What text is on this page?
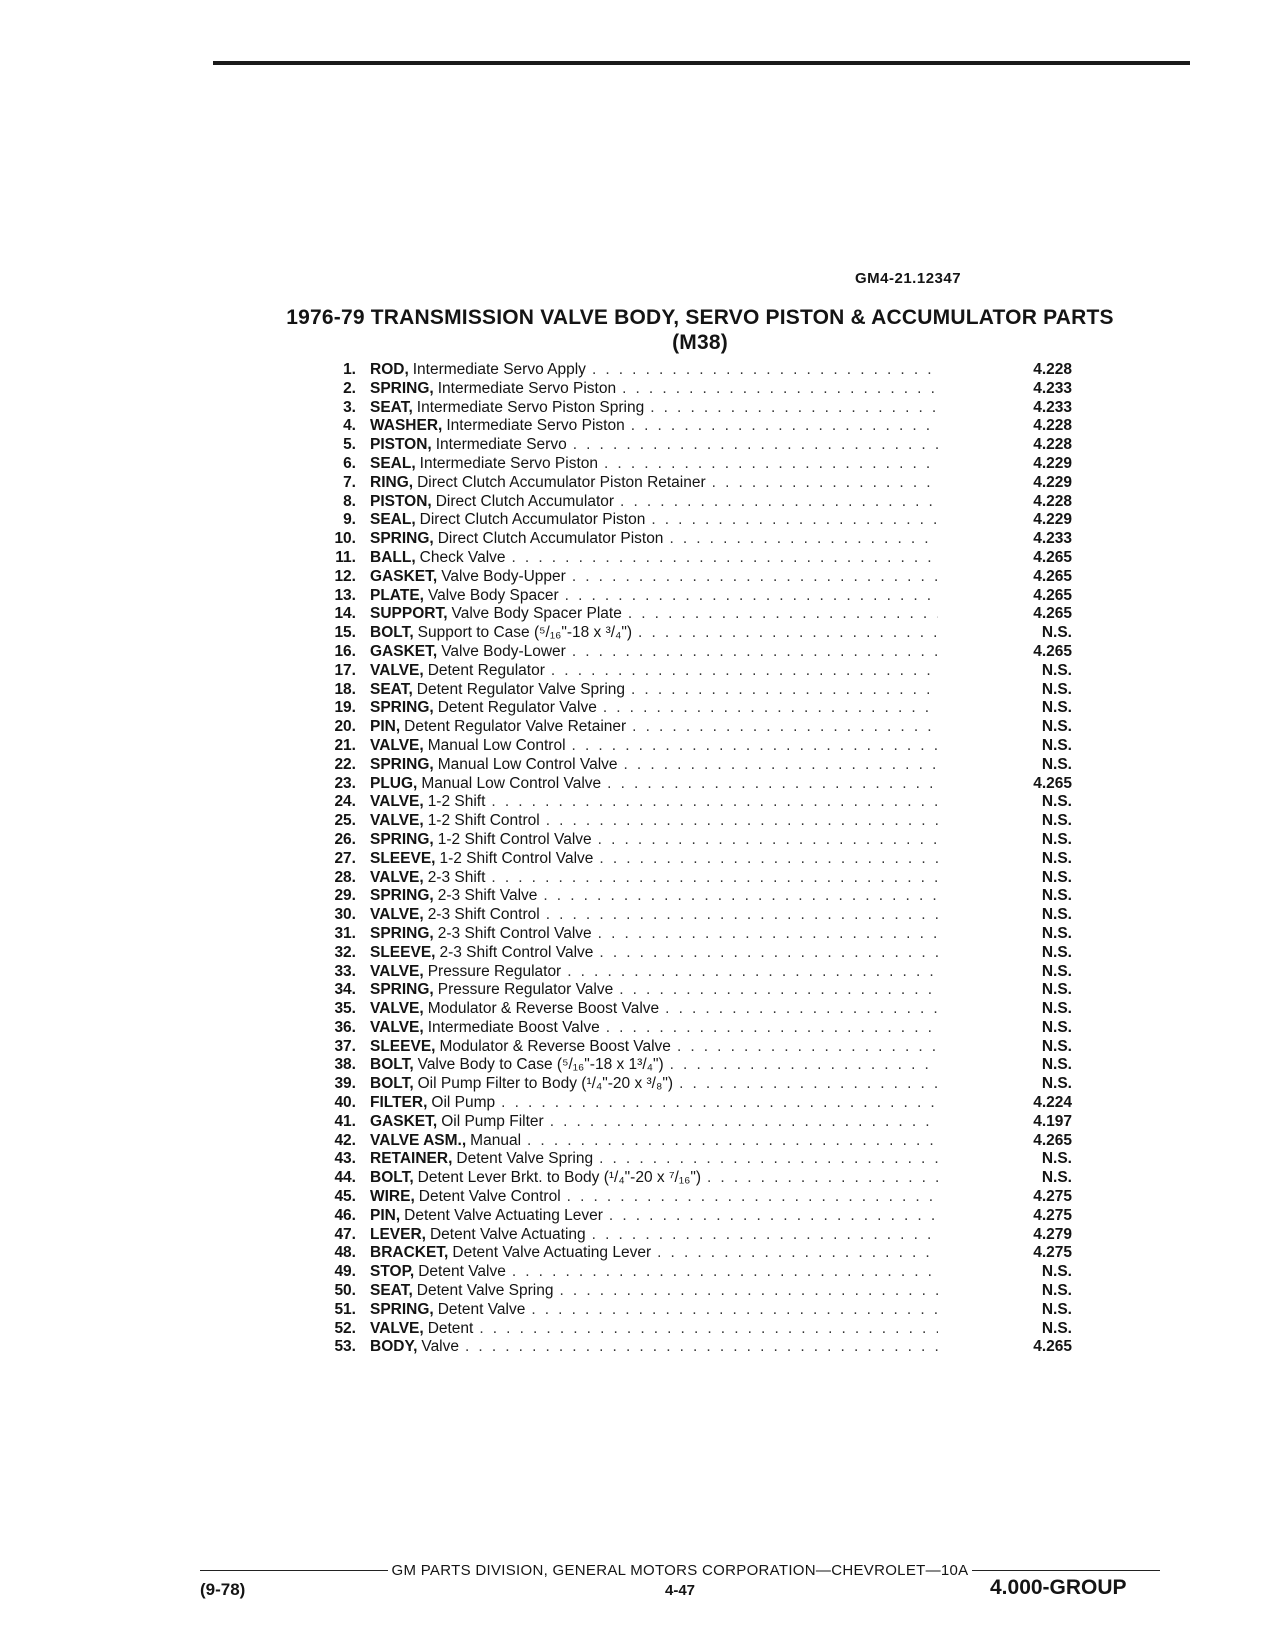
GM4-21.12347
1976-79 TRANSMISSION VALVE BODY, SERVO PISTON & ACCUMULATOR PARTS
(M38)
1. ROD, Intermediate Servo Apply . . .	4.228
2. SPRING, Intermediate Servo Piston . . .	4.233
3. SEAT, Intermediate Servo Piston Spring . . .	4.233
4. WASHER, Intermediate Servo Piston . . .	4.228
5. PISTON, Intermediate Servo . . .	4.228
6. SEAL, Intermediate Servo Piston . . .	4.229
7. RING, Direct Clutch Accumulator Piston Retainer . . .	4.229
8. PISTON, Direct Clutch Accumulator . . .	4.228
9. SEAL, Direct Clutch Accumulator Piston . . .	4.229
10. SPRING, Direct Clutch Accumulator Piston . . .	4.233
11. BALL, Check Valve . . .	4.265
12. GASKET, Valve Body-Upper . . .	4.265
13. PLATE, Valve Body Spacer . . .	4.265
14. SUPPORT, Valve Body Spacer Plate . . .	4.265
15. BOLT, Support to Case (⁵/₁₆"-18 x ³/₄") . . .	N.S.
16. GASKET, Valve Body-Lower . . .	4.265
17. VALVE, Detent Regulator . . .	N.S.
18. SEAT, Detent Regulator Valve Spring . . .	N.S.
19. SPRING, Detent Regulator Valve . . .	N.S.
20. PIN, Detent Regulator Valve Retainer . . .	N.S.
21. VALVE, Manual Low Control . . .	N.S.
22. SPRING, Manual Low Control Valve . . .	N.S.
23. PLUG, Manual Low Control Valve . . .	4.265
24. VALVE, 1-2 Shift . . .	N.S.
25. VALVE, 1-2 Shift Control . . .	N.S.
26. SPRING, 1-2 Shift Control Valve . . .	N.S.
27. SLEEVE, 1-2 Shift Control Valve . . .	N.S.
28. VALVE, 2-3 Shift . . .	N.S.
29. SPRING, 2-3 Shift Valve . . .	N.S.
30. VALVE, 2-3 Shift Control . . .	N.S.
31. SPRING, 2-3 Shift Control Valve . . .	N.S.
32. SLEEVE, 2-3 Shift Control Valve . . .	N.S.
33. VALVE, Pressure Regulator . . .	N.S.
34. SPRING, Pressure Regulator Valve . . .	N.S.
35. VALVE, Modulator & Reverse Boost Valve . . .	N.S.
36. VALVE, Intermediate Boost Valve . . .	N.S.
37. SLEEVE, Modulator & Reverse Boost Valve . . .	N.S.
38. BOLT, Valve Body to Case (⁵/₁₆"-18 x 1³/₄") . . .	N.S.
39. BOLT, Oil Pump Filter to Body (¹/₄"-20 x ³/₈") . . .	N.S.
40. FILTER, Oil Pump . . .	4.224
41. GASKET, Oil Pump Filter . . .	4.197
42. VALVE ASM., Manual . . .	4.265
43. RETAINER, Detent Valve Spring . . .	N.S.
44. BOLT, Detent Lever Brkt. to Body (¹/₄"-20 x ⁷/₁₆") . . .	N.S.
45. WIRE, Detent Valve Control . . .	4.275
46. PIN, Detent Valve Actuating Lever . . .	4.275
47. LEVER, Detent Valve Actuating . . .	4.279
48. BRACKET, Detent Valve Actuating Lever . . .	4.275
49. STOP, Detent Valve . . .	N.S.
50. SEAT, Detent Valve Spring . . .	N.S.
51. SPRING, Detent Valve . . .	N.S.
52. VALVE, Detent . . .	N.S.
53. BODY, Valve . . .	4.265
GM PARTS DIVISION, GENERAL MOTORS CORPORATION—CHEVROLET—10A
(9-78)	4-47	4.000-GROUP
